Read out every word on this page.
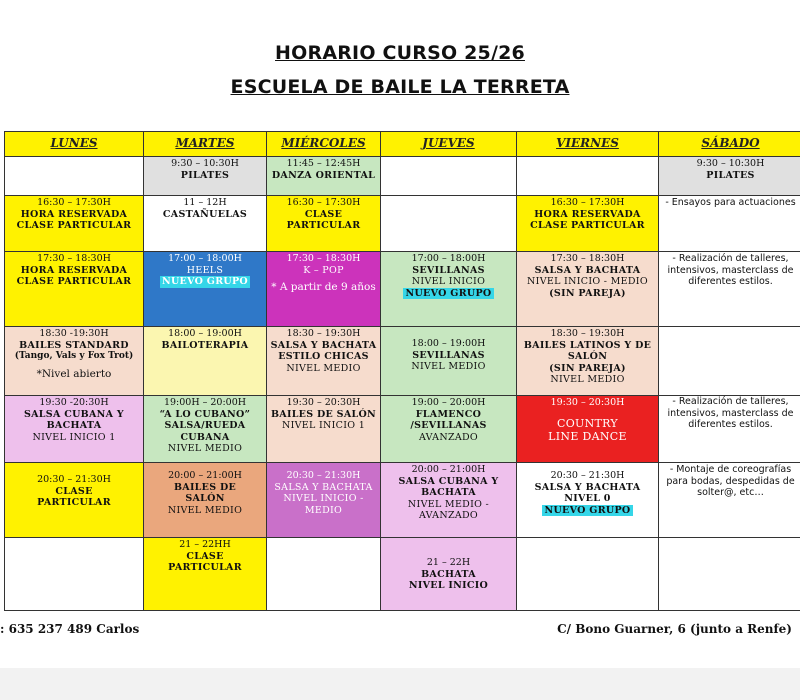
HORARIO CURSO 25/26
ESCUELA DE BAILE LA TERRETA
LUNES	MARTES	MIÉRCOLES	JUEVES	VIERNES	SÁBADO

	9:30 – 10:30H
PILATES	11:45 – 12:45H
DANZA ORIENTAL			9:30 – 10:30H
PILATES

16:30 – 17:30H
HORA RESERVADA
CLASE PARTICULAR	11 – 12H
CASTAÑUELAS	16:30 – 17:30H
CLASE
PARTICULAR		16:30 – 17:30H
HORA RESERVADA
CLASE PARTICULAR	- Ensayos para actuaciones

17:30 – 18:30H
HORA RESERVADA
CLASE PARTICULAR	17:00 – 18:00H
HEELS
NUEVO GRUPO	17:30 – 18:30H
K – POP
* A partir de 9 años	17:00 – 18:00H
SEVILLANAS
NIVEL INICIO
NUEVO GRUPO	17:30 – 18:30H
SALSA Y BACHATA
NIVEL INICIO - MEDIO
(SIN PAREJA)	- Realización de talleres, intensivos, masterclass de diferentes estilos.

18:30 -19:30H
BAILES STANDARD
(Tango, Vals y Fox Trot)
*Nivel abierto	18:00 – 19:00H
BAILOTERAPIA	18:30 – 19:30H
SALSA Y BACHATA
ESTILO CHICAS
NIVEL MEDIO	18:00 – 19:00H
SEVILLANAS
NIVEL MEDIO	18:30 – 19:30H
BAILES LATINOS Y DE
SALÓN
(SIN PAREJA)
NIVEL MEDIO	

19:30 -20:30H
SALSA CUBANA Y
BACHATA
NIVEL INICIO 1	19:00H – 20:00H
“A LO CUBANO”
SALSA/RUEDA
CUBANA
NIVEL MEDIO	19:30 – 20:30H
BAILES DE SALÓN
NIVEL INICIO 1	19:00 – 20:00H
FLAMENCO
/SEVILLANAS
AVANZADO	19:30 – 20:30H
COUNTRY
LINE DANCE	- Realización de talleres, intensivos, masterclass de diferentes estilos.

20:30 – 21:30H
CLASE
PARTICULAR	20:00 – 21:00H
BAILES DE
SALÓN
NIVEL MEDIO	20:30 – 21:30H
SALSA Y BACHATA
NIVEL INICIO - MEDIO	20:00 – 21:00H
SALSA CUBANA Y
BACHATA
NIVEL MEDIO -
AVANZADO	20:30 – 21:30H
SALSA Y BACHATA
NIVEL 0
NUEVO GRUPO	- Montaje de coreografías para bodas, despedidas de solter@, etc…

	21 – 22HH
CLASE
PARTICULAR		21 – 22H
BACHATA
NIVEL INICIO		

: 635 237 489 Carlos	C/ Bono Guarner, 6 (junto a Renfe)
